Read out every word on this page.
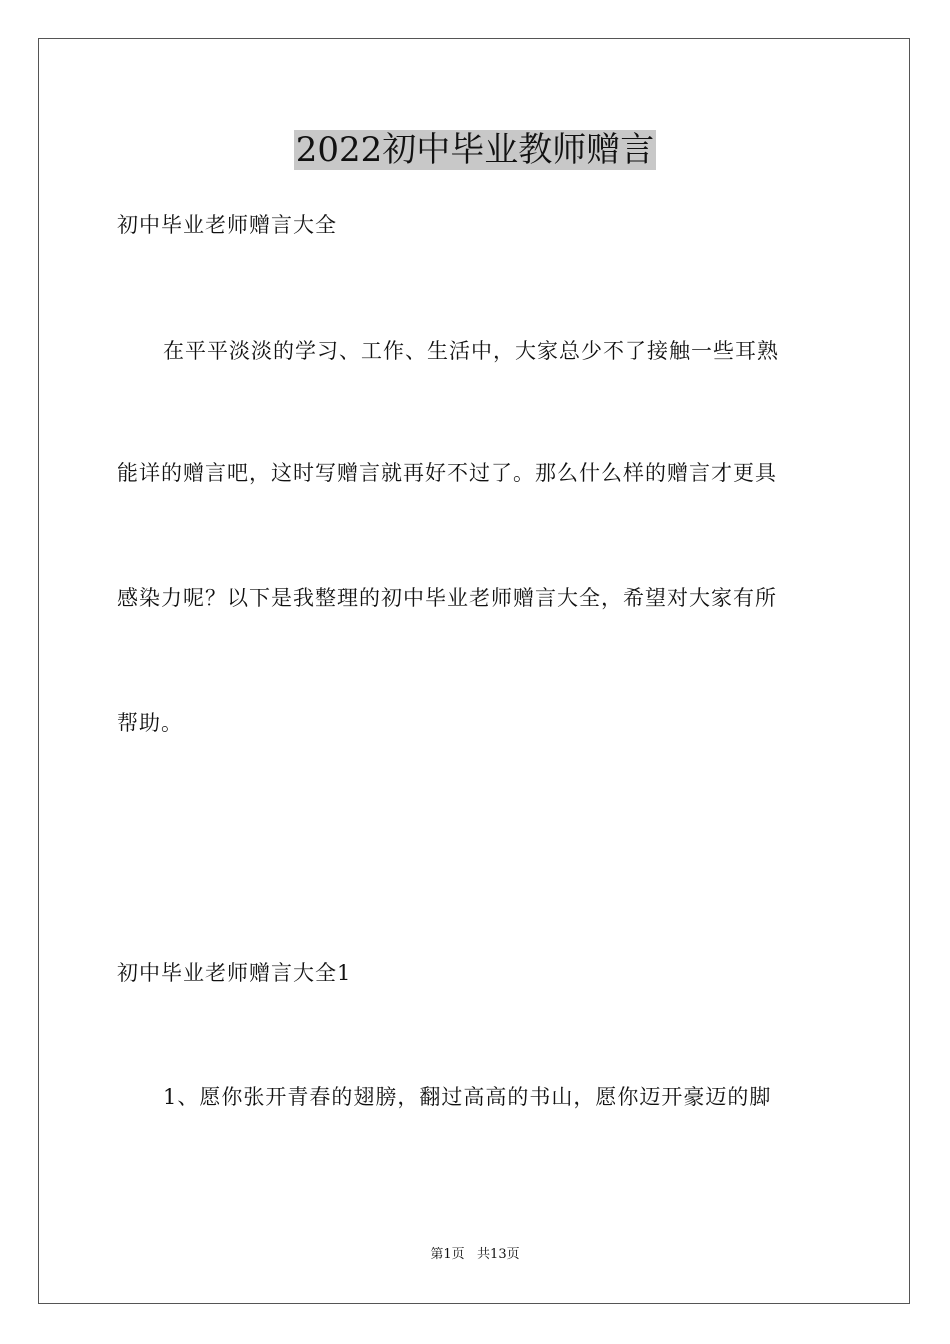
2022初中毕业教师赠言

初中毕业老师赠言大全

在平平淡淡的学习、工作、生活中，大家总少不了接触一些耳熟

能详的赠言吧，这时写赠言就再好不过了。那么什么样的赠言才更具

感染力呢？以下是我整理的初中毕业老师赠言大全，希望对大家有所

帮助。

初中毕业老师赠言大全1

1、愿你张开青春的翅膀，翻过高高的书山，愿你迈开豪迈的脚

第1页   共13页
